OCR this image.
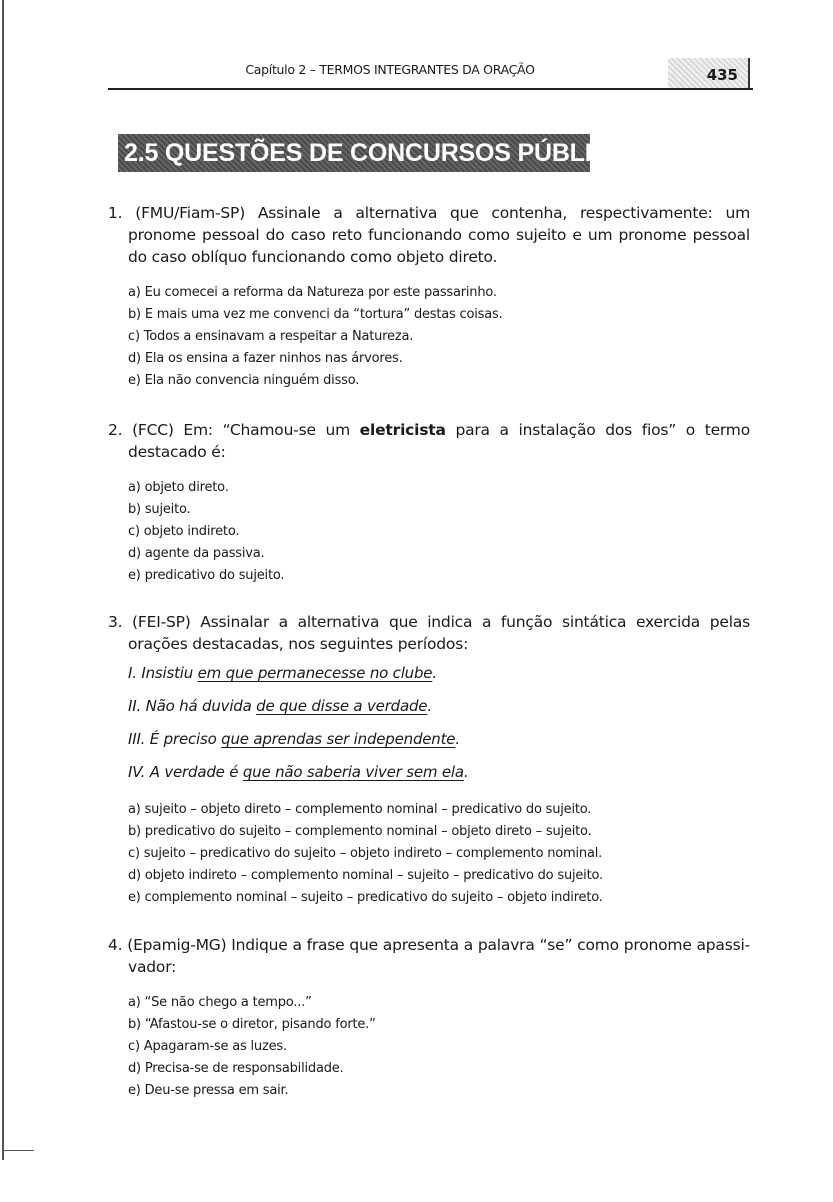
Capítulo 2 – TERMOS INTEGRANTES DA ORAÇÃO	435
2.5 QUESTÕES DE CONCURSOS PÚBLICOS
1. (FMU/Fiam-SP) Assinale a alternativa que contenha, respectivamente: um pronome pessoal do caso reto funcionando como sujeito e um pronome pessoal do caso oblíquo funcionando como objeto direto.
a) Eu comecei a reforma da Natureza por este passarinho.
b) E mais uma vez me convenci da “tortura” destas coisas.
c) Todos a ensinavam a respeitar a Natureza.
d) Ela os ensina a fazer ninhos nas árvores.
e) Ela não convencia ninguém disso.
2. (FCC) Em: “Chamou-se um eletricista para a instalação dos fios” o termo destacado é:
a) objeto direto.
b) sujeito.
c) objeto indireto.
d) agente da passiva.
e) predicativo do sujeito.
3. (FEI-SP) Assinalar a alternativa que indica a função sintática exercida pelas orações destacadas, nos seguintes períodos:
I. Insistiu em que permanecesse no clube.
II. Não há duvida de que disse a verdade.
III. É preciso que aprendas ser independente.
IV. A verdade é que não saberia viver sem ela.
a) sujeito – objeto direto – complemento nominal – predicativo do sujeito.
b) predicativo do sujeito – complemento nominal – objeto direto – sujeito.
c) sujeito – predicativo do sujeito – objeto indireto – complemento nominal.
d) objeto indireto – complemento nominal – sujeito – predicativo do sujeito.
e) complemento nominal – sujeito – predicativo do sujeito – objeto indireto.
4. (Epamig-MG) Indique a frase que apresenta a palavra “se” como pronome apassi-vador:
a) “Se não chego a tempo...”
b) “Afastou-se o diretor, pisando forte.”
c) Apagaram-se as luzes.
d) Precisa-se de responsabilidade.
e) Deu-se pressa em sair.
